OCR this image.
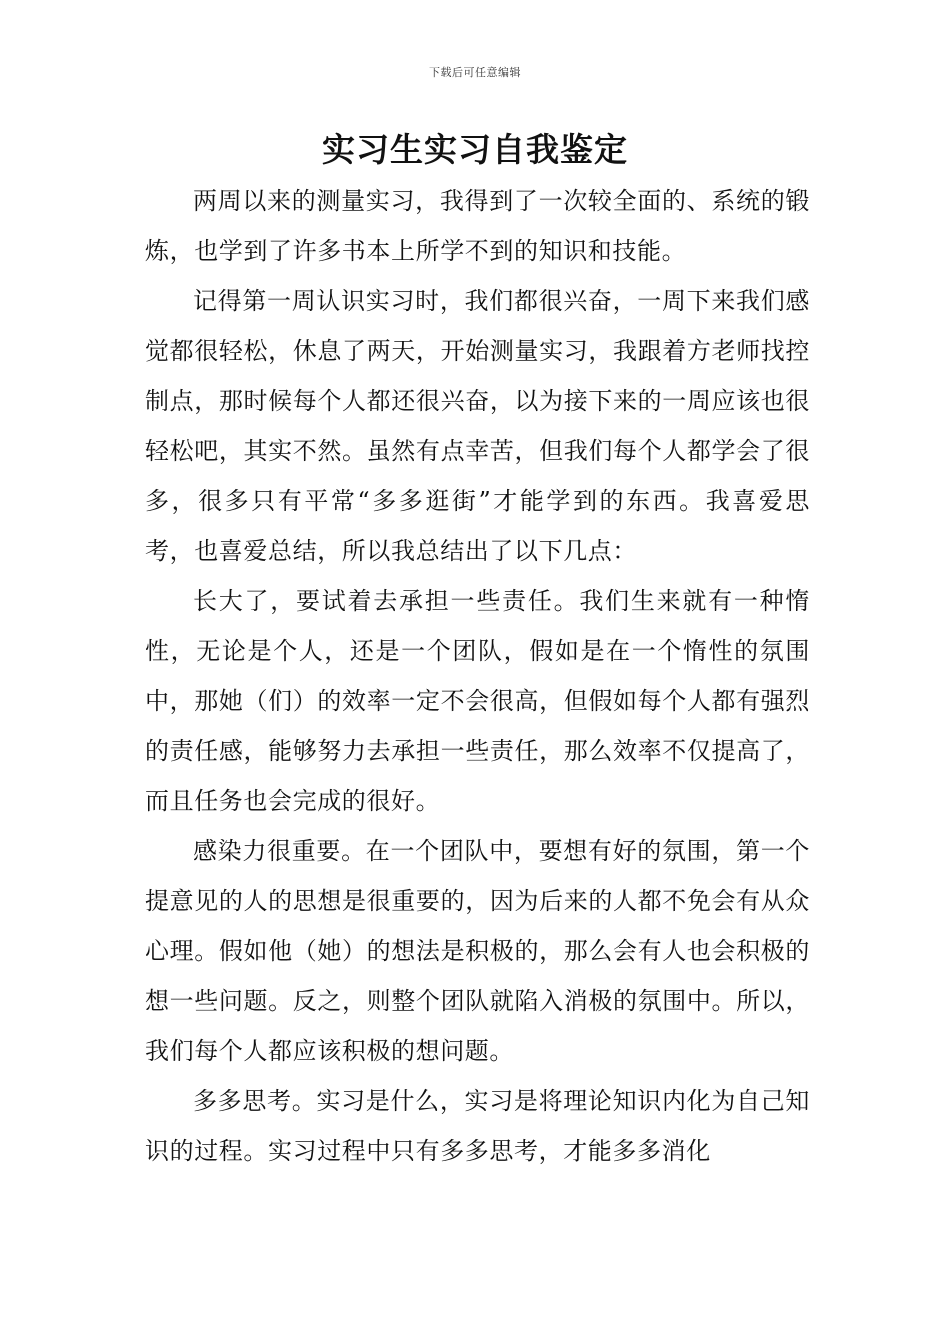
下载后可任意编辑
实习生实习自我鉴定

两周以来的测量实习，我得到了一次较全面的、系统的锻炼，也学到了许多书本上所学不到的知识和技能。

记得第一周认识实习时，我们都很兴奋，一周下来我们感觉都很轻松，休息了两天，开始测量实习，我跟着方老师找控制点，那时候每个人都还很兴奋，以为接下来的一周应该也很轻松吧，其实不然。虽然有点幸苦，但我们每个人都学会了很多，很多只有平常“多多逛街”才能学到的东西。我喜爱思考，也喜爱总结，所以我总结出了以下几点：

长大了，要试着去承担一些责任。我们生来就有一种惰性，无论是个人，还是一个团队，假如是在一个惰性的氛围中，那她（们）的效率一定不会很高，但假如每个人都有强烈的责任感，能够努力去承担一些责任，那么效率不仅提高了，而且任务也会完成的很好。

感染力很重要。在一个团队中，要想有好的氛围，第一个提意见的人的思想是很重要的，因为后来的人都不免会有从众心理。假如他（她）的想法是积极的，那么会有人也会积极的想一些问题。反之，则整个团队就陷入消极的氛围中。所以，我们每个人都应该积极的想问题。

多多思考。实习是什么，实习是将理论知识内化为自己知识的过程。实习过程中只有多多思考，才能多多消化
